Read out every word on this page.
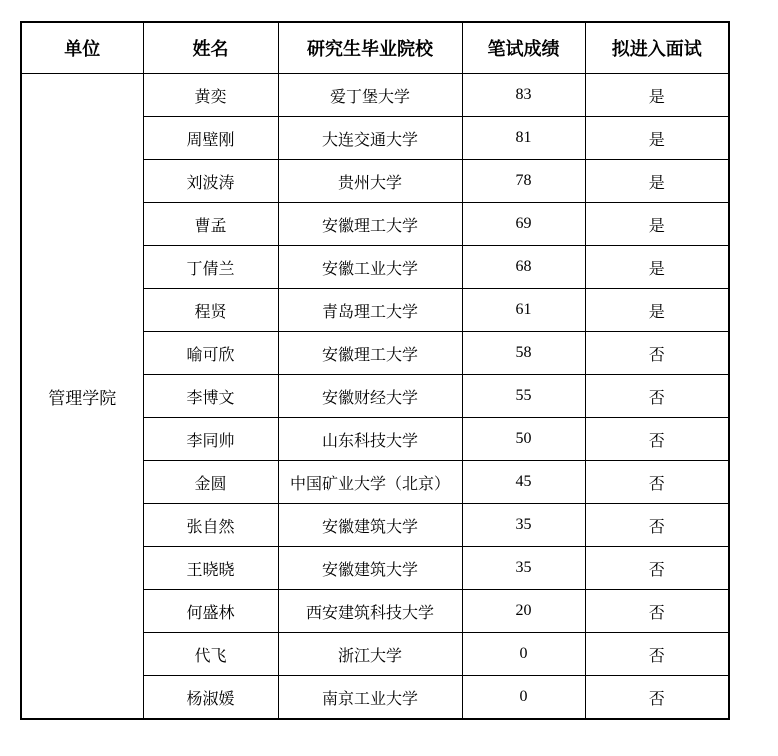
单位	姓名	研究生毕业院校	笔试成绩	拟进入面试
管理学院	黄奕	爱丁堡大学	83	是
	周壁刚	大连交通大学	81	是
	刘波涛	贵州大学	78	是
	曹孟	安徽理工大学	69	是
	丁倩兰	安徽工业大学	68	是
	程贤	青岛理工大学	61	是
	喻可欣	安徽理工大学	58	否
	李博文	安徽财经大学	55	否
	李同帅	山东科技大学	50	否
	金圆	中国矿业大学（北京）	45	否
	张自然	安徽建筑大学	35	否
	王晓晓	安徽建筑大学	35	否
	何盛林	西安建筑科技大学	20	否
	代飞	浙江大学	0	否
	杨淑媛	南京工业大学	0	否
